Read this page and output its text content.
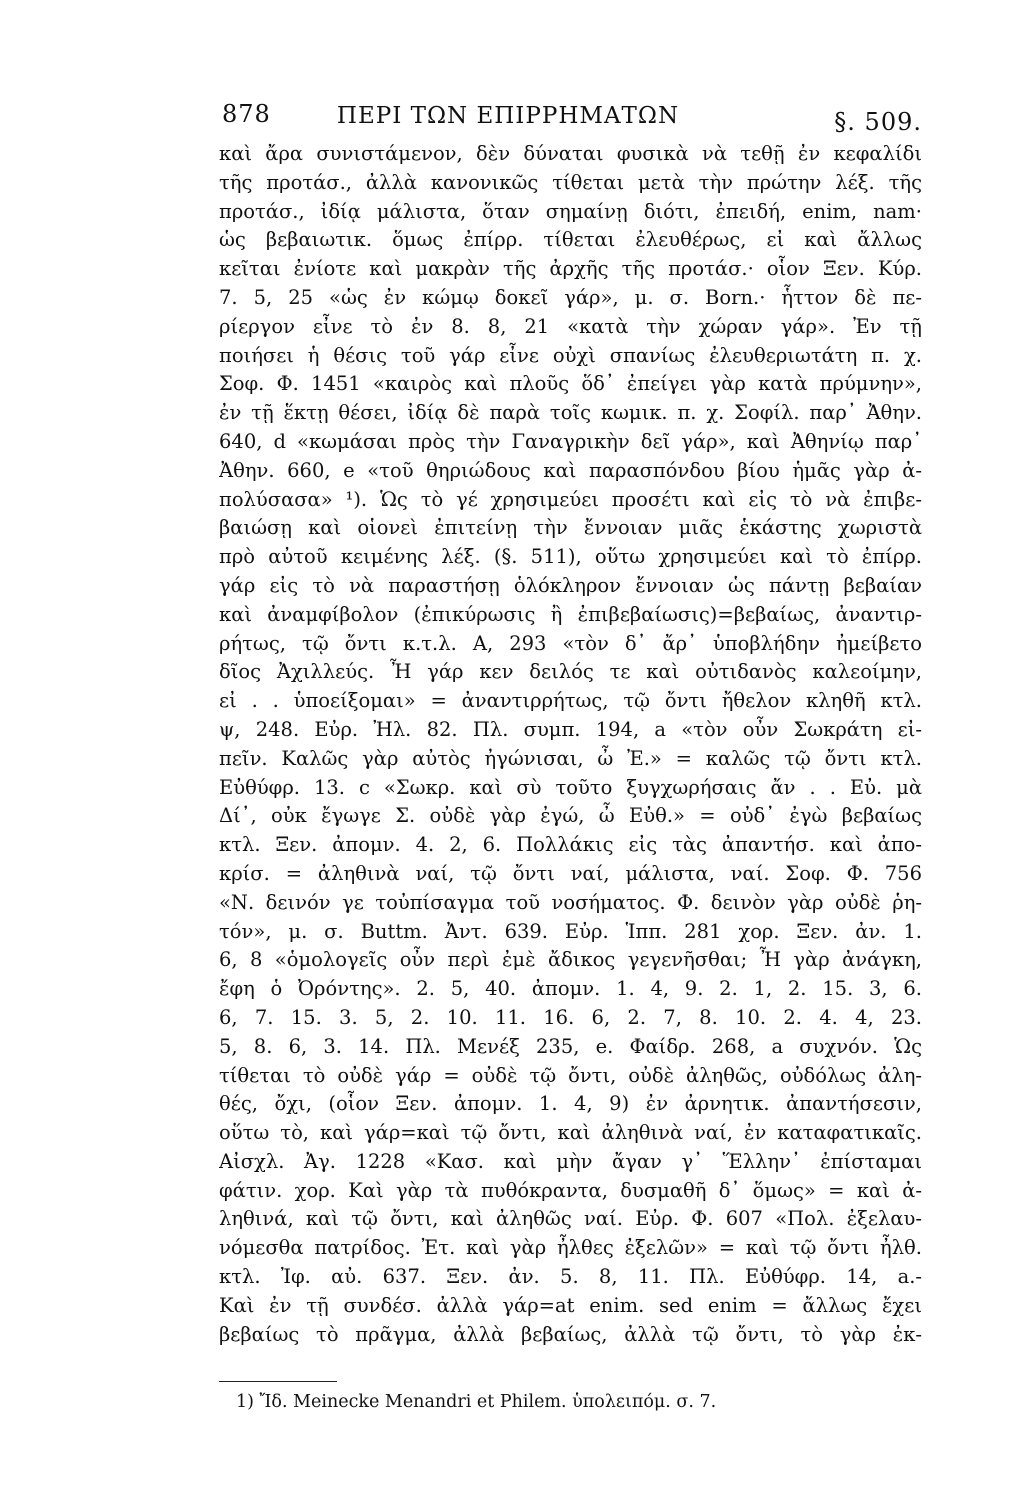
878	ΠΕΡΙ ΤΩΝ ΕΠΙΡΡΗΜΑΤΩΝ	§. 509.
καὶ ἄρα συνιστάμενον, δὲν δύναται φυσικὰ νὰ τεθῇ ἐν κεφαλίδι
τῆς προτάσ., ἀλλὰ κανονικῶς τίθεται μετὰ τὴν πρώτην λέξ. τῆς
προτάσ., ἰδίᾳ μάλιστα, ὅταν σημαίνῃ διότι, ἐπειδή, enim, nam·
ὡς βεβαιωτικ. ὅμως ἐπίρρ. τίθεται ἐλευθέρως, εἰ καὶ ἄλλως
κεῖται ἐνίοτε καὶ μακρὰν τῆς ἀρχῆς τῆς προτάσ.· οἷον Ξεν. Κύρ.
7. 5, 25 «ὡς ἐν κώμῳ δοκεῖ γάρ», μ. σ. Born.· ἧττον δὲ πε-
ρίεργον εἶνε τὸ ἐν 8. 8, 21 «κατὰ τὴν χώραν γάρ». Ἐν τῇ
ποιήσει ἡ θέσις τοῦ γάρ εἶνε οὐχὶ σπανίως ἐλευθεριωτάτη π. χ.
Σοφ. Φ. 1451 «καιρὸς καὶ πλοῦς ὅδ᾽ ἐπείγει γὰρ κατὰ πρύμνην»,
ἐν τῇ ἕκτῃ θέσει, ἰδίᾳ δὲ παρὰ τοῖς κωμικ. π. χ. Σοφίλ. παρ᾽ Ἀθην.
640, d «κωμάσαι πρὸς τὴν Γαναγρικὴν δεῖ γάρ», καὶ Ἀθηνίῳ παρ᾽
Ἀθην. 660, e «τοῦ θηριώδους καὶ παρασπόνδου βίου ἡμᾶς γὰρ ἀ-
πολύσασα» ¹). Ὡς τὸ γέ χρησιμεύει προσέτι καὶ εἰς τὸ νὰ ἐπιβε-
βαιώσῃ καὶ οἱονεὶ ἐπιτείνῃ τὴν ἔννοιαν μιᾶς ἑκάστης χωριστὰ
πρὸ αὐτοῦ κειμένης λέξ. (§. 511), οὕτω χρησιμεύει καὶ τὸ ἐπίρρ.
γάρ εἰς τὸ νὰ παραστήσῃ ὁλόκληρον ἔννοιαν ὡς πάντῃ βεβαίαν
καὶ ἀναμφίβολον (ἐπικύρωσις ἢ ἐπιβεβαίωσις)=βεβαίως, ἀναντιρ-
ρήτως, τῷ ὄντι κ.τ.λ. Α, 293 «τὸν δ᾽ ἄρ᾽ ὑποβλήδην ἠμείβετο
δῖος Ἀχιλλεύς. Ἦ γάρ κεν δειλός τε καὶ οὐτιδανὸς καλεοίμην,
εἰ . . ὑποείξομαι» = ἀναντιρρήτως, τῷ ὄντι ἤθελον κληθῆ κτλ.
ψ, 248. Εὐρ. Ἠλ. 82. Πλ. συμπ. 194, a «τὸν οὖν Σωκράτη εἰ-
πεῖν. Καλῶς γὰρ αὐτὸς ἠγώνισαι, ὦ Ἐ.» = καλῶς τῷ ὄντι κτλ.
Εὐθύφρ. 13. c «Σωκρ. καὶ σὺ τοῦτο ξυγχωρήσαις ἄν . . Εὐ. μὰ
Δί᾽, οὐκ ἔγωγε Σ. οὐδὲ γὰρ ἐγώ, ὦ Εὐθ.» = οὐδ᾽ ἐγὼ βεβαίως
κτλ. Ξεν. ἀπομν. 4. 2, 6. Πολλάκις εἰς τὰς ἀπαντήσ. καὶ ἀπο-
κρίσ. = ἀληθινὰ ναί, τῷ ὄντι ναί, μάλιστα, ναί. Σοφ. Φ. 756
«Ν. δεινόν γε τοὐπίσαγμα τοῦ νοσήματος. Φ. δεινὸν γὰρ οὐδὲ ῥη-
τόν», μ. σ. Buttm. Ἀντ. 639. Εὐρ. Ἱππ. 281 χορ. Ξεν. ἀν. 1.
6, 8 «ὁμολογεῖς οὖν περὶ ἐμὲ ἄδικος γεγενῆσθαι; Ἦ γὰρ ἀνάγκη,
ἔφη ὁ Ὀρόντης». 2. 5, 40. ἀπομν. 1. 4, 9. 2. 1, 2. 15. 3, 6.
6, 7. 15. 3. 5, 2. 10. 11. 16. 6, 2. 7, 8. 10. 2. 4. 4, 23.
5, 8. 6, 3. 14. Πλ. Μενέξ 235, e. Φαίδρ. 268, a συχνόν. Ὡς
τίθεται τὸ οὐδὲ γάρ = οὐδὲ τῷ ὄντι, οὐδὲ ἀληθῶς, οὐδόλως ἀλη-
θές, ὄχι, (οἷον Ξεν. ἀπομν. 1. 4, 9) ἐν ἀρνητικ. ἀπαντήσεσιν,
οὕτω τὸ, καὶ γάρ=καὶ τῷ ὄντι, καὶ ἀληθινὰ ναί, ἐν καταφατικαῖς.
Αἰσχλ. Ἀγ. 1228 «Κασ. καὶ μὴν ἄγαν γ᾽ Ἕλλην᾽ ἐπίσταμαι
φάτιν. χορ. Καὶ γὰρ τὰ πυθόκραντα, δυσμαθῆ δ᾽ ὅμως» = καὶ ἀ-
ληθινά, καὶ τῷ ὄντι, καὶ ἀληθῶς ναί. Εὐρ. Φ. 607 «Πολ. ἐξελαυ-
νόμεσθα πατρίδος. Ἐτ. καὶ γὰρ ἦλθες ἐξελῶν» = καὶ τῷ ὄντι ἦλθ.
κτλ. Ἰφ. αὐ. 637. Ξεν. ἀν. 5. 8, 11. Πλ. Εὐθύφρ. 14, a.-
Καὶ ἐν τῇ συνδέσ. ἀλλὰ γάρ=at enim. sed enim = ἄλλως ἔχει
βεβαίως τὸ πρᾶγμα, ἀλλὰ βεβαίως, ἀλλὰ τῷ ὄντι, τὸ γὰρ ἐκ-
1) Ἴδ. Meinecke Menandri et Philem. ὑπολειπόμ. σ. 7.
